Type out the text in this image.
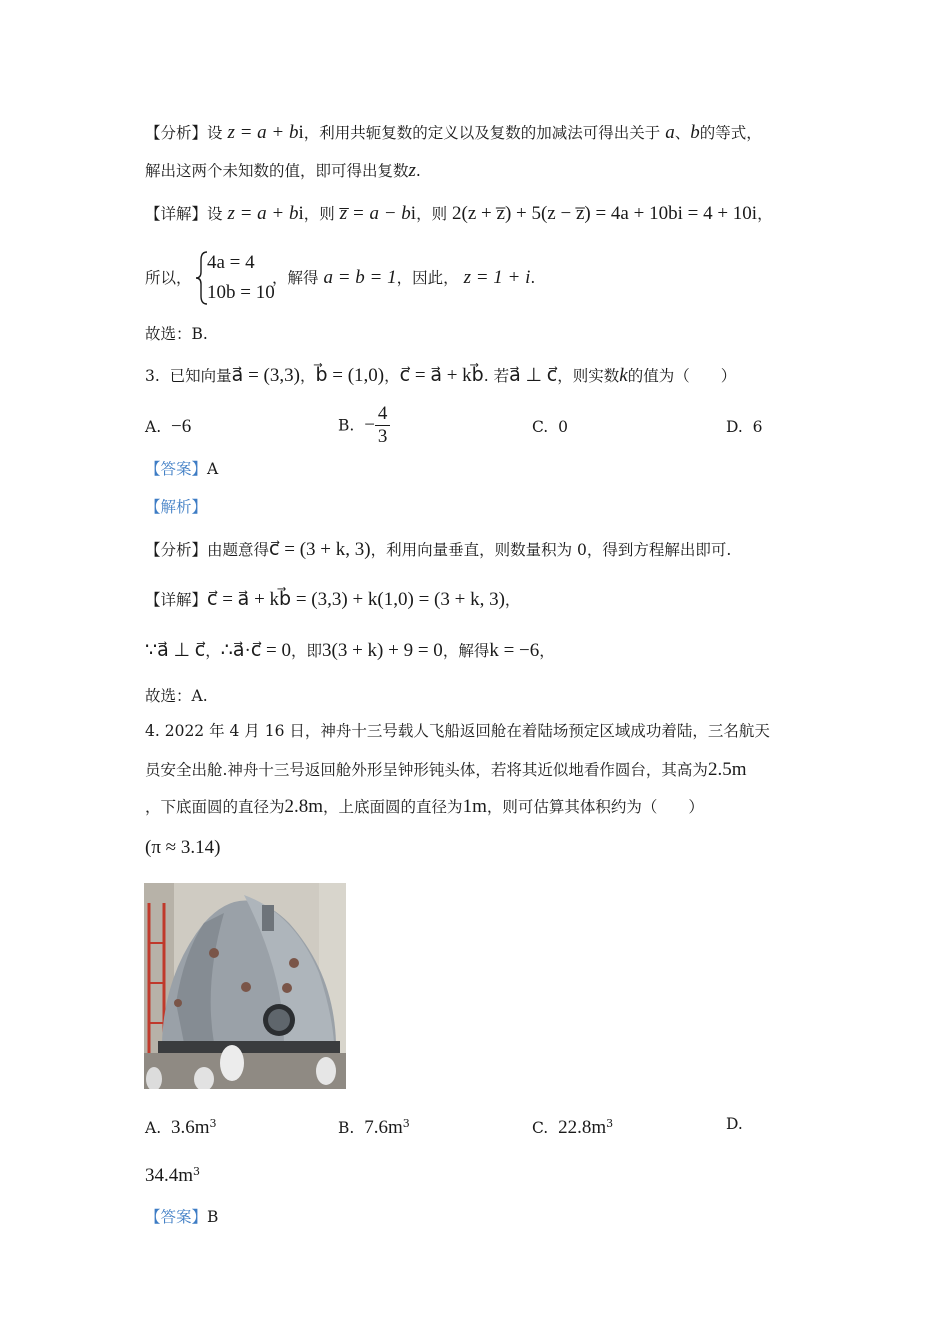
【分析】设 z = a + bi，利用共轭复数的定义以及复数的加减法可得出关于 a、b的等式，
解出这两个未知数的值，即可得出复数z.
【详解】设 z = a + bi，则 z̅ = a − bi，则 2(z + z̅) + 5(z − z̅) = 4a + 10bi = 4 + 10i，
所以，
4a = 4
10b = 10
，解得 a = b = 1，因此， z = 1 + i.
故选：B.
3. 已知向量a⃗ = (3,3)，b⃗ = (1,0)，c⃗ = a⃗ + kb⃗. 若a⃗ ⊥ c⃗，则实数k的值为（　　）
A. −6	B. − $\frac{4}{3}$	C. 0	D. 6
【答案】A
【解析】
【分析】由题意得c⃗ = (3 + k, 3)，利用向量垂直，则数量积为 0，得到方程解出即可.
【详解】c⃗ = a⃗ + kb⃗ = (3,3) + k(1,0) = (3 + k, 3)，
∵a⃗ ⊥ c⃗，∴a⃗·c⃗ = 0，即3(3 + k) + 9 = 0，解得k = −6，
故选：A.
4. 2022 年 4 月 16 日，神舟十三号载人飞船返回舱在着陆场预定区域成功着陆，三名航天
员安全出舱.神舟十三号返回舱外形呈钟形钝头体，若将其近似地看作圆台，其高为2.5m
，下底面圆的直径为2.8m，上底面圆的直径为1m，则可估算其体积约为（　　）
(π ≈ 3.14)
A. $3.6m^3$	B. $7.6m^3$	C. $22.8m^3$	D.
$34.4m^3$
【答案】B
